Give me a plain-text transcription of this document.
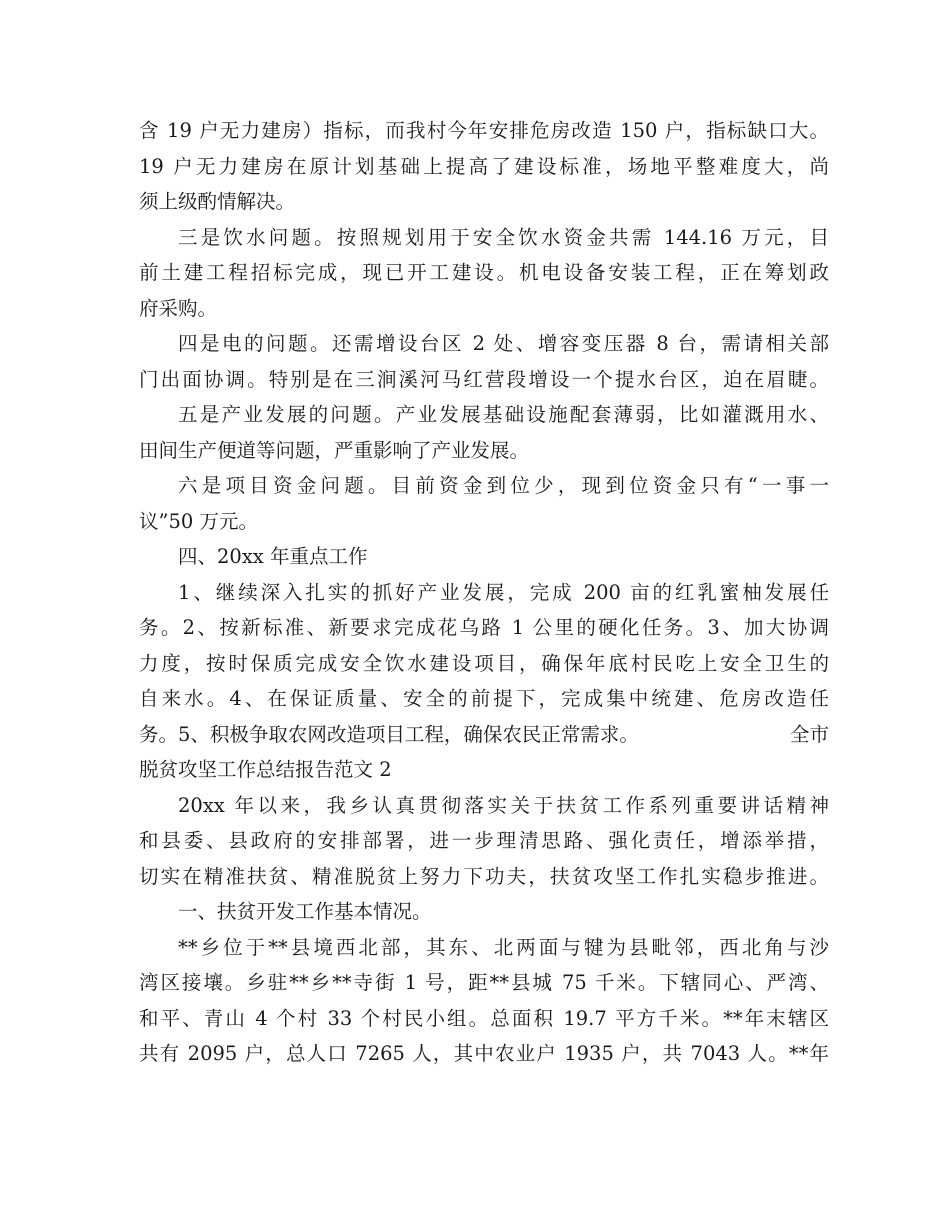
含 19 户无力建房）指标，而我村今年安排危房改造 150 户，指标缺口大。
19 户无力建房在原计划基础上提高了建设标准，场地平整难度大，尚
须上级酌情解决。
三是饮水问题。按照规划用于安全饮水资金共需 144.16 万元，目
前土建工程招标完成，现已开工建设。机电设备安装工程，正在筹划政
府采购。
四是电的问题。还需增设台区 2 处、增容变压器 8 台，需请相关部
门出面协调。特别是在三涧溪河马红营段增设一个提水台区，迫在眉睫。
五是产业发展的问题。产业发展基础设施配套薄弱，比如灌溉用水、
田间生产便道等问题，严重影响了产业发展。
六是项目资金问题。目前资金到位少，现到位资金只有“一事一
议”50 万元。
四、20xx 年重点工作
1、继续深入扎实的抓好产业发展，完成 200 亩的红乳蜜柚发展任
务。2、按新标准、新要求完成花乌路 1 公里的硬化任务。3、加大协调
力度，按时保质完成安全饮水建设项目，确保年底村民吃上安全卫生的
自来水。4、在保证质量、安全的前提下，完成集中统建、危房改造任
务。5、积极争取农网改造项目工程，确保农民正常需求。	全市
脱贫攻坚工作总结报告范文 2
20xx 年以来，我乡认真贯彻落实关于扶贫工作系列重要讲话精神
和县委、县政府的安排部署，进一步理清思路、强化责任，增添举措，
切实在精准扶贫、精准脱贫上努力下功夫，扶贫攻坚工作扎实稳步推进。
一、扶贫开发工作基本情况。
**乡位于**县境西北部，其东、北两面与犍为县毗邻，西北角与沙
湾区接壤。乡驻**乡**寺街 1 号，距**县城 75 千米。下辖同心、严湾、
和平、青山 4 个村 33 个村民小组。总面积 19.7 平方千米。**年末辖区
共有 2095 户，总人口 7265 人，其中农业户 1935 户，共 7043 人。**年
